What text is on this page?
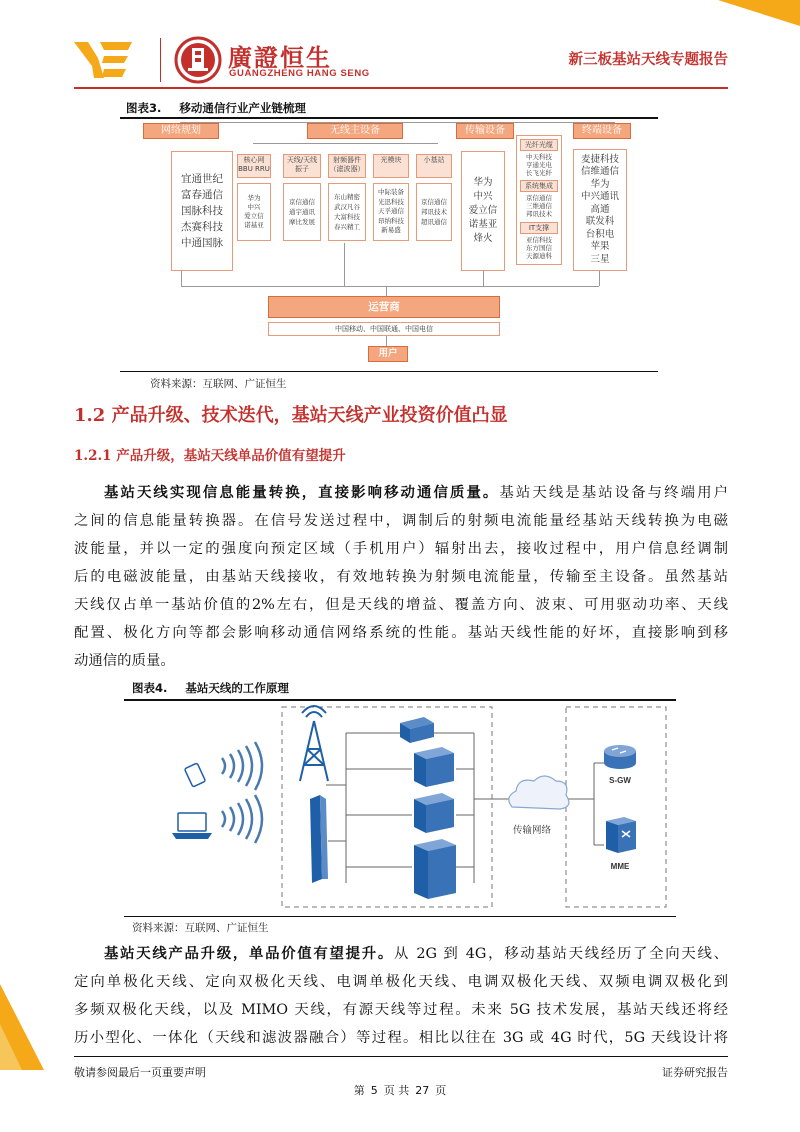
廣證恒生
GUANGZHENG HANG SENG
新三板基站天线专题报告
图表3. 移动通信行业产业链梳理
网络规划	无线主设备	传输设备	终端设备
宜通世纪
富春通信
国脉科技
杰赛科技
中通国脉
核心网BBU RRU
天线/天线振子
射频器件（滤波器）
光模块	小基站
华为
中兴
爱立信
诺基亚
京信通信
通宇通讯
摩比发展
东山精密
武汉凡谷
大富科技
春兴精工
中际装备
光迅科技
天孚通信
昂纳科技
新易盛
京信通信
邦讯技术
超讯通信
华为
中兴
爱立信
诺基亚
烽火
光纤光缆
中天科技
亨通光电
长飞光纤
系统集成
京信通信
三维通信
邦讯技术
IT支撑
亚信科技
东方国信
天源迪科
麦捷科技
信维通信
华为
中兴通讯
高通
联发科
台积电
苹果
三星
运营商
中国移动、中国联通、中国电信
用户
资料来源：互联网、广证恒生
1.2 产品升级、技术迭代，基站天线产业投资价值凸显
1.2.1 产品升级，基站天线单品价值有望提升
基站天线实现信息能量转换，直接影响移动通信质量。基站天线是基站设备与终端用户
之间的信息能量转换器。在信号发送过程中，调制后的射频电流能量经基站天线转换为电磁
波能量，并以一定的强度向预定区域（手机用户）辐射出去，接收过程中，用户信息经调制
后的电磁波能量，由基站天线接收，有效地转换为射频电流能量，传输至主设备。虽然基站
天线仅占单一基站价值的2%左右，但是天线的增益、覆盖方向、波束、可用驱动功率、天线
配置、极化方向等都会影响移动通信网络系统的性能。基站天线性能的好坏，直接影响到移
动通信的质量。
图表4. 基站天线的工作原理
传输网络
S-GW
MME
资料来源：互联网、广证恒生
基站天线产品升级，单品价值有望提升。从 2G 到 4G，移动基站天线经历了全向天线、
定向单极化天线、定向双极化天线、电调单极化天线、电调双极化天线、双频电调双极化到
多频双极化天线，以及 MIMO 天线，有源天线等过程。未来 5G 技术发展，基站天线还将经
历小型化、一体化（天线和滤波器融合）等过程。相比以往在 3G 或 4G 时代，5G 天线设计将
敬请参阅最后一页重要声明	证券研究报告
第 5 页 共 27 页
